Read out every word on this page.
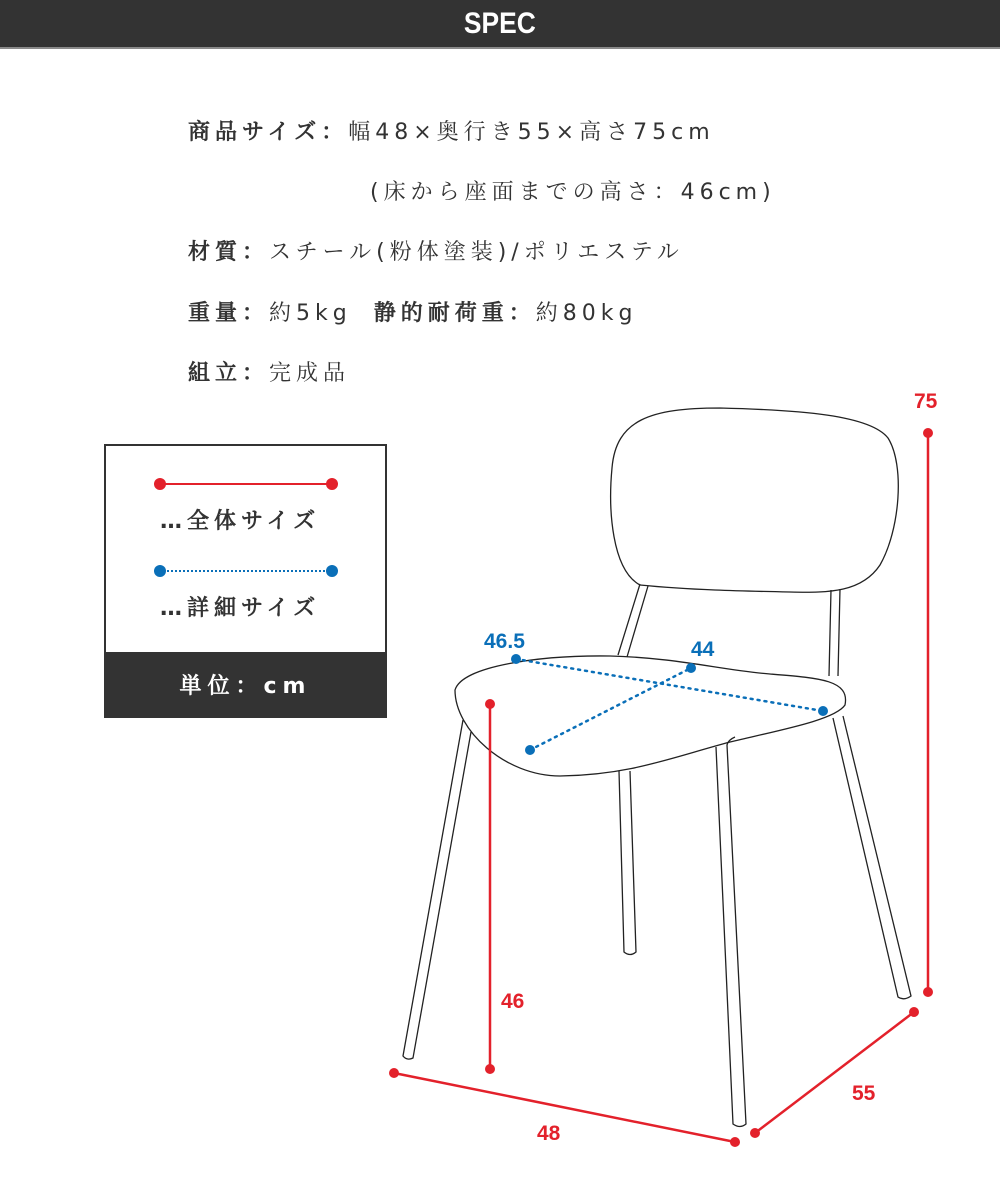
SPEC
商品サイズ：幅48×奥行き55×高さ75cm
(床から座面までの高さ：46cm)
材質：スチール(粉体塗装)/ポリエステル
重量：約5kg 静的耐荷重：約80kg
組立：完成品
…全体サイズ
…詳細サイズ
単位：cm
75
46
48
55
46.5	44
